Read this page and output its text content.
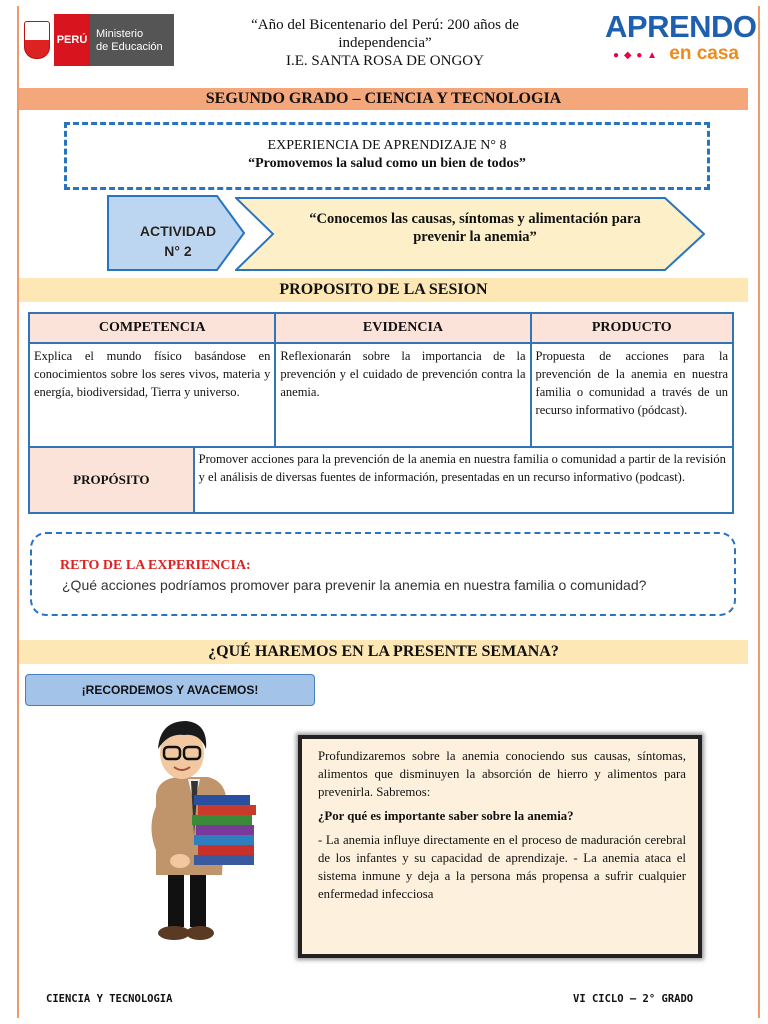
PERÚ Ministerio
de Educación
“Año del Bicentenario del Perú: 200 años de
independencia”
I.E. SANTA ROSA DE ONGOY
APRENDO
● ◆ ● ▲ en casa
SEGUNDO GRADO – CIENCIA Y TECNOLOGIA
EXPERIENCIA DE APRENDIZAJE N° 8
“Promovemos la salud como un bien de todos”
ACTIVIDAD
N° 2
“Conocemos las causas, síntomas y alimentación para
prevenir la anemia”
PROPOSITO DE LA SESION
COMPETENCIA	EVIDENCIA	PRODUCTO
Explica el mundo físico basándose en conocimientos sobre los seres vivos, materia y energía, biodiversidad, Tierra y universo.	Reflexionarán sobre la importancia de la prevención y el cuidado de prevención contra la anemia.	Propuesta de acciones para la prevención de la anemia en nuestra familia o comunidad a través de un recurso informativo (pódcast).
PROPÓSITO	Promover acciones para la prevención de la anemia en nuestra familia o comunidad a partir de la revisión y el análisis de diversas fuentes de información, presentadas en un recurso informativo (podcast).
RETO DE LA EXPERIENCIA:
¿Qué acciones podríamos promover para prevenir la anemia en nuestra familia o comunidad?
¿QUÉ HAREMOS EN LA PRESENTE SEMANA?
¡RECORDEMOS Y AVACEMOS!

Profundizaremos sobre la anemia conociendo sus causas, síntomas, alimentos que disminuyen la absorción de hierro y alimentos para prevenirla. Sabremos:

¿Por qué es importante saber sobre la anemia?

- La anemia influye directamente en el proceso de maduración cerebral de los infantes y su capacidad de aprendizaje. - La anemia ataca el sistema inmune y deja a la persona más propensa a sufrir cualquier enfermedad infecciosa

CIENCIA Y TECNOLOGIA	VI CICLO – 2° GRADO
